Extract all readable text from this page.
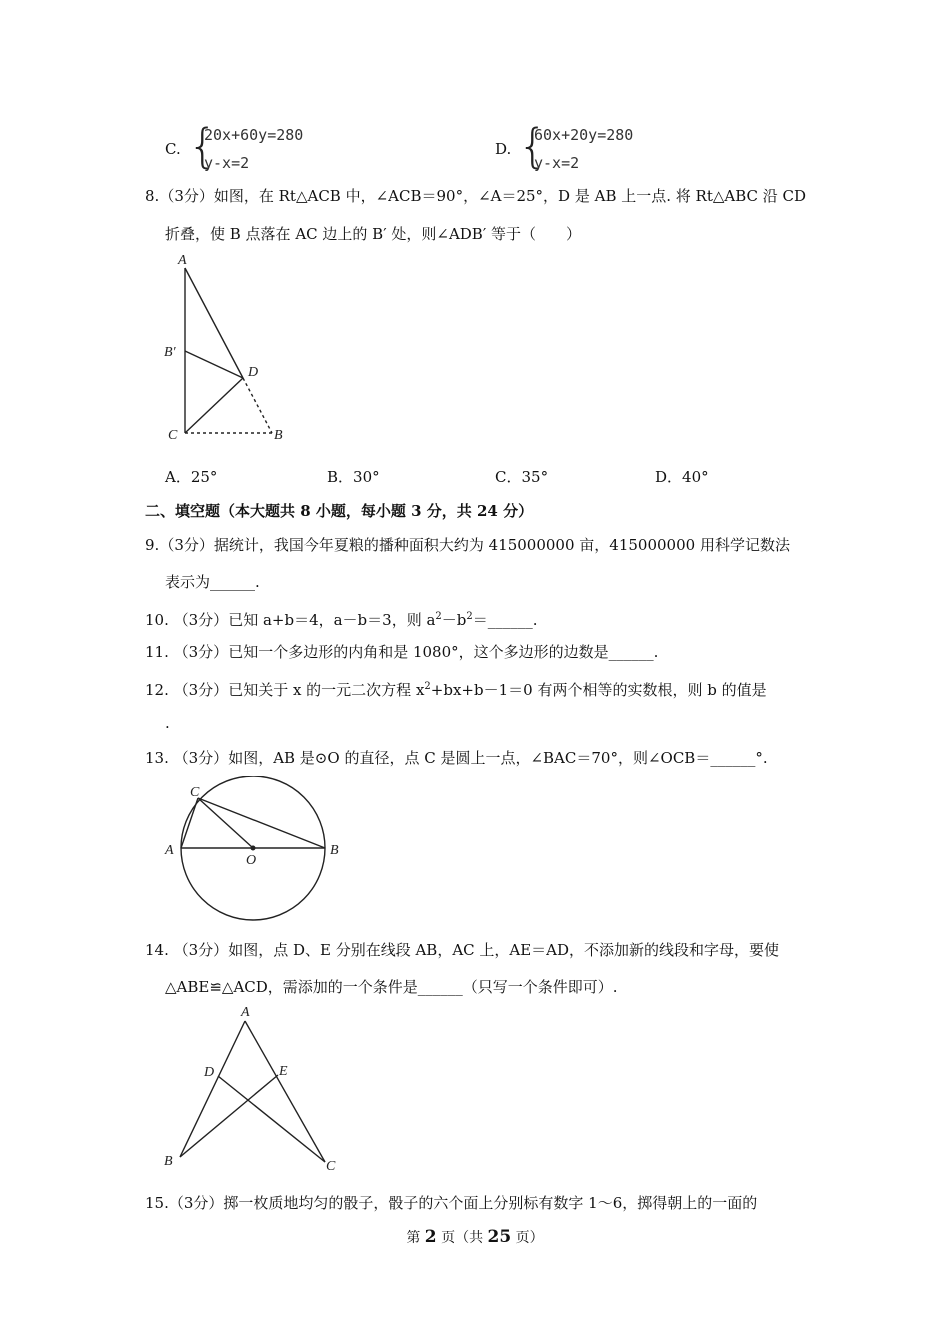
C. {
20x+60y=280
y-x=2
D. {
60x+20y=280
y-x=2
8.（3分）如图，在 Rt△ACB 中，∠ACB＝90°，∠A＝25°，D 是 AB 上一点. 将 Rt△ABC 沿 CD
折叠，使 B 点落在 AC 边上的 B′ 处，则∠ADB′ 等于（　　）
A
B′
D
C	B
A．25°	B．30°	C．35°	D．40°
二、填空题（本大题共 8 小题，每小题 3 分，共 24 分）
9.（3分）据统计，我国今年夏粮的播种面积大约为 415000000 亩，415000000 用科学记数法
表示为______.
10. （3分）已知 a+b＝4，a－b＝3，则 $a^2-b^2=\_\_\_\_\_\_$.
11. （3分）已知一个多边形的内角和是 1080°，这个多边形的边数是______.
12. （3分）已知关于 x 的一元二次方程 $x^2+bx+b-1=0$ 有两个相等的实数根，则 b 的值是
.
13. （3分）如图，AB 是⊙O 的直径，点 C 是圆上一点，∠BAC＝70°，则∠OCB＝______°.
C
A
O
B
14. （3分）如图，点 D、E 分别在线段 AB，AC 上，AE＝AD，不添加新的线段和字母，要使
△ABE≌△ACD，需添加的一个条件是______（只写一个条件即可）.
A
D	E
B	C
15.（3分）掷一枚质地均匀的骰子，骰子的六个面上分别标有数字 1～6，掷得朝上的一面的
第 2 页（共 25 页）
